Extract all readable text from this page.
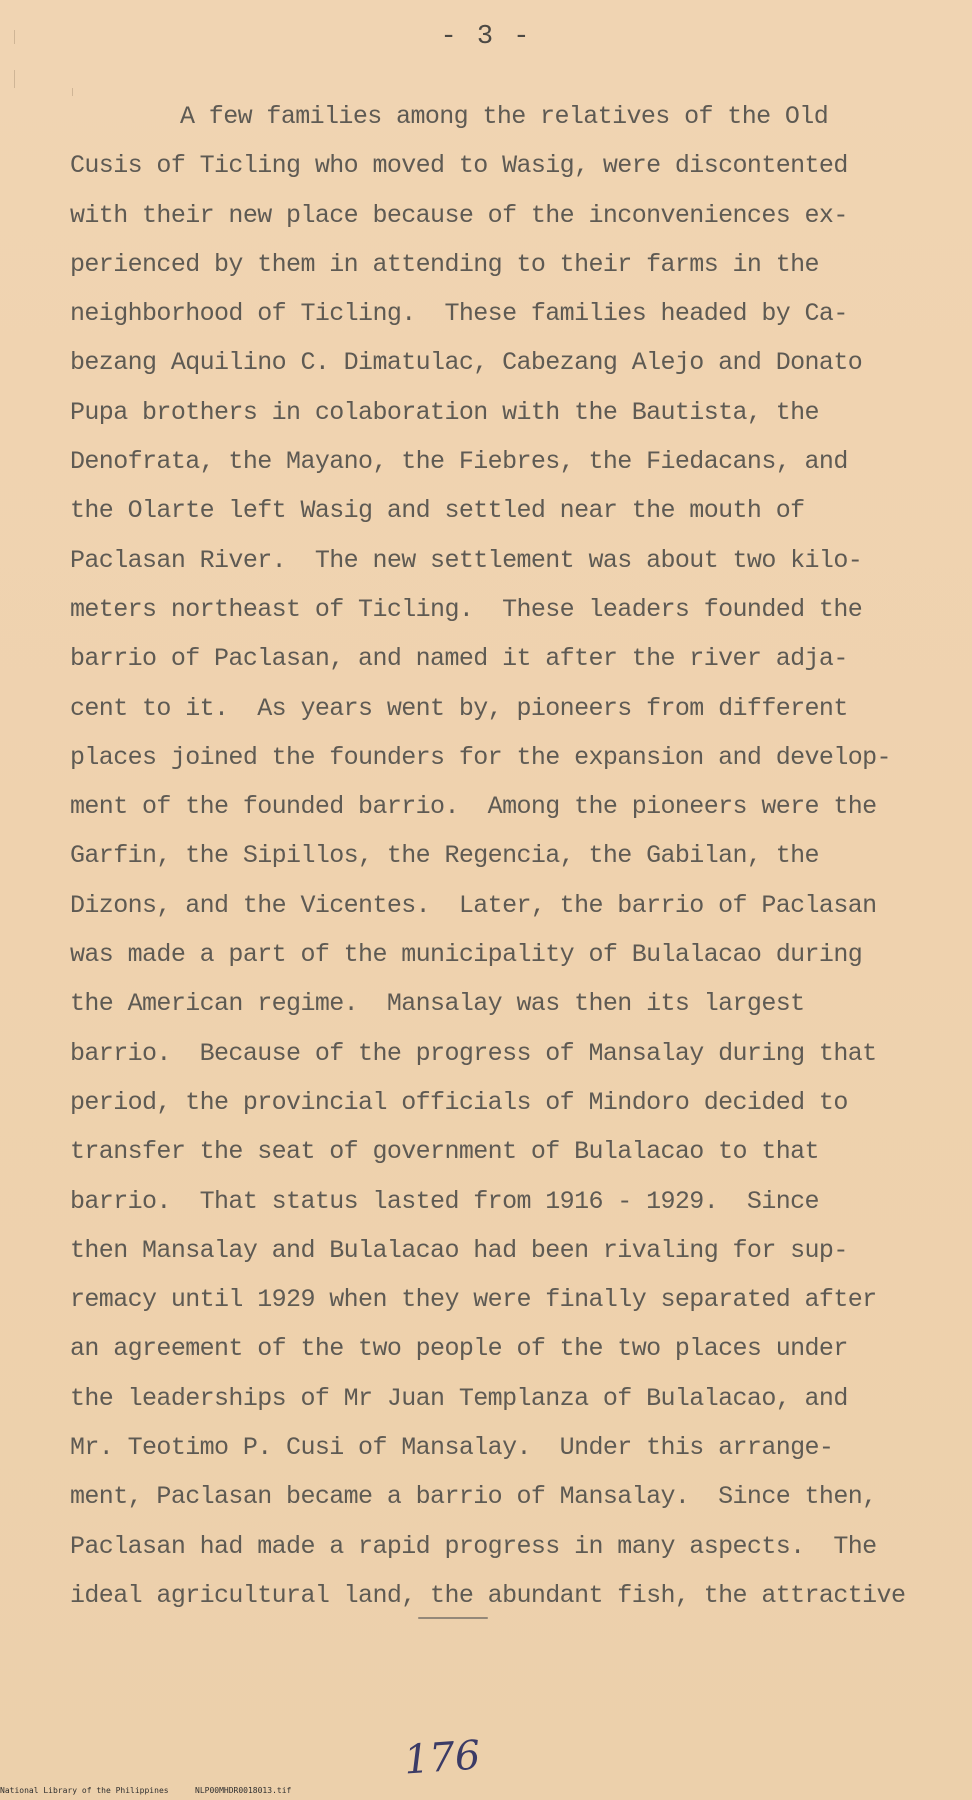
- 3 -
A few families among the relatives of the Old
Cusis of Ticling who moved to Wasig, were discontented
with their new place because of the inconveniences ex-
perienced by them in attending to their farms in the
neighborhood of Ticling.  These families headed by Ca-
bezang Aquilino C. Dimatulac, Cabezang Alejo and Donato
Pupa brothers in colaboration with the Bautista, the
Denofrata, the Mayano, the Fiebres, the Fiedacans, and
the Olarte left Wasig and settled near the mouth of
Paclasan River.  The new settlement was about two kilo-
meters northeast of Ticling.  These leaders founded the
barrio of Paclasan, and named it after the river adja-
cent to it.  As years went by, pioneers from different
places joined the founders for the expansion and develop-
ment of the founded barrio.  Among the pioneers were the
Garfin, the Sipillos, the Regencia, the Gabilan, the
Dizons, and the Vicentes.  Later, the barrio of Paclasan
was made a part of the municipality of Bulalacao during
the American regime.  Mansalay was then its largest
barrio.  Because of the progress of Mansalay during that
period, the provincial officials of Mindoro decided to
transfer the seat of government of Bulalacao to that
barrio.  That status lasted from 1916 - 1929.  Since
then Mansalay and Bulalacao had been rivaling for sup-
remacy until 1929 when they were finally separated after
an agreement of the two people of the two places under
the leaderships of Mr Juan Templanza of Bulalacao, and
Mr. Teotimo P. Cusi of Mansalay.  Under this arrange-
ment, Paclasan became a barrio of Mansalay.  Since then,
Paclasan had made a rapid progress in many aspects.  The
ideal agricultural land, the abundant fish, the attractive
176
National Library of the Philippines	NLP00MHDR0018013.tif
